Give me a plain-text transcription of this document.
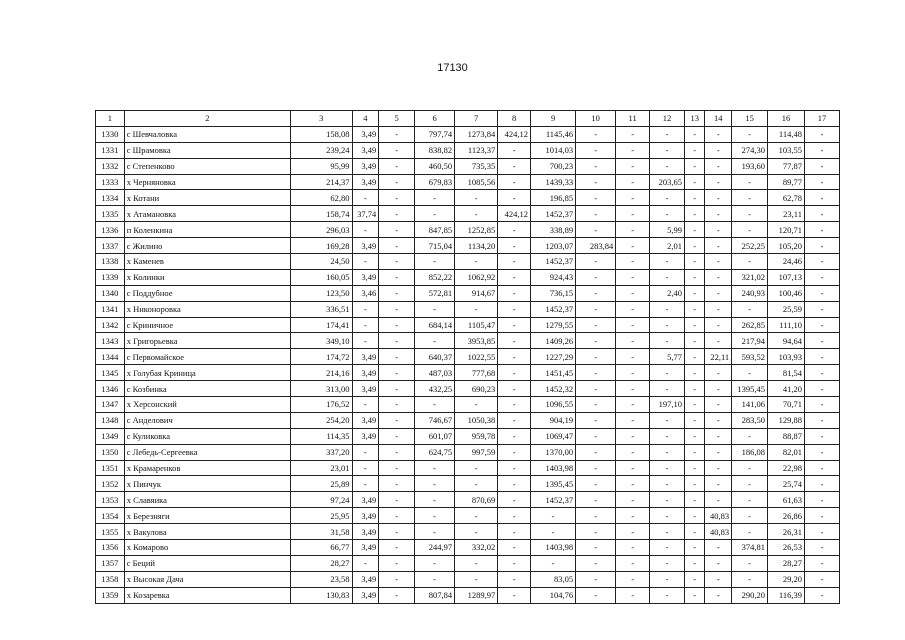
17130
1	2	3	4	5	6	7	8	9	10	11	12	13	14	15	16	17
1330	с Шевчаловка	158,08	3,49	-	797,74	1273,84	424,12	1145,46	-	-	-	-	-	-	114,48	-
1331	с Шрамовка	239,24	3,49	-	838,82	1123,37	-	1014,03	-	-	-	-	-	274,30	103,55	-
1332	с Степенково	95,99	3,49	-	460,50	735,35	-	700,23	-	-	-	-	-	193,60	77,87	-
1333	х Черняновка	214,37	3,49	-	679,83	1085,56	-	1439,33	-	-	203,65	-	-	-	89,77	-
1334	х Котани	62,80	-	-	-	-	-	196,85	-	-	-	-	-	-	62,78	-
1335	х Атамановка	158,74	37,74	-	-	-	424,12	1452,37	-	-	-	-	-	-	23,11	-
1336	п Коленкина	296,03	-	-	847,85	1252,85	-	338,89	-	-	5,99	-	-	-	120,71	-
1337	с Жилино	169,28	3,49	-	715,04	1134,20	-	1203,07	283,84	-	2,01	-	-	252,25	105,20	-
1338	х Каменев	24,50	-	-	-	-	-	1452,37	-	-	-	-	-	-	24,46	-
1339	х Колинки	160,05	3,49	-	852,22	1062,92	-	924,43	-	-	-	-	-	321,02	107,13	-
1340	с Поддубное	123,50	3,46	-	572,81	914,67	-	736,15	-	-	2,40	-	-	240,93	100,46	-
1341	х Никоноровка	336,51	-	-	-	-	-	1452,37	-	-	-	-	-	-	25,59	-
1342	с Криничное	174,41	-	-	684,14	1105,47	-	1279,55	-	-	-	-	-	262,85	111,10	-
1343	х Григорьевка	349,10	-	-	-	3953,85	-	1409,26	-	-	-	-	-	217,94	94,64	-
1344	с Первомайское	174,72	3,49	-	640,37	1022,55	-	1227,29	-	-	5,77	-	22,11	593,52	103,93	-
1345	х Голубая Криница	214,16	3,49	-	487,03	777,68	-	1451,45	-	-	-	-	-	-	81,54	-
1346	с Козбинка	313,00	3,49	-	432,25	690,23	-	1452,32	-	-	-	-	-	1395,45	41,20	-
1347	х Херсонский	176,52	-	-	-	-	-	1096,55	-	-	197,10	-	-	141,06	70,71	-
1348	с Анделович	254,20	3,49	-	746,67	1050,38	-	904,19	-	-	-	-	-	283,50	129,88	-
1349	с Куликовка	114,35	3,49	-	601,07	959,78	-	1069,47	-	-	-	-	-	-	88,87	-
1350	с Лебедь-Сергеевка	337,20	-	-	624,75	997,59	-	1370,00	-	-	-	-	-	186,08	82,01	-
1351	х Крамаренков	23,01	-	-	-	-	-	1403,98	-	-	-	-	-	-	22,98	-
1352	х Пинчук	25,89	-	-	-	-	-	1395,45	-	-	-	-	-	-	25,74	-
1353	х Славяика	97,24	3,49	-	-	870,69	-	1452,37	-	-	-	-	-	-	61,63	-
1354	х Березняги	25,95	3,49	-	-	-	-	-	-	-	-	-	40,83	-	26,86	-
1355	х Вакулова	31,58	3,49	-	-	-	-	-	-	-	-	-	40,83	-	26,31	-
1356	х Комарово	66,77	3,49	-	244,97	332,02	-	1403,98	-	-	-	-	-	374,81	26,53	-
1357	с Беций	28,27	-	-	-	-	-	-	-	-	-	-	-	-	28,27	-
1358	х Высокая Дача	23,58	3,49	-	-	-	-	83,05	-	-	-	-	-	-	29,20	-
1359	х Козаревка	130,83	3,49	-	807,84	1289,97	-	104,76	-	-	-	-	-	290,20	116,39	-
